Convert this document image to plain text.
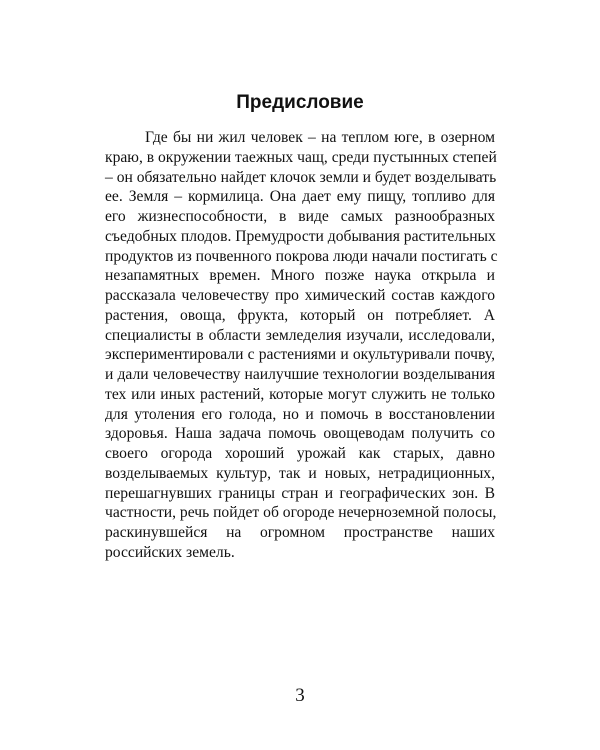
Предисловие
Где бы ни жил человек – на теплом юге, в озерном
краю, в окружении таежных чащ, среди пустынных степей
– он обязательно найдет клочок земли и будет возделывать
ее. Земля – кормилица. Она дает ему пищу, топливо для
его жизнеспособности, в виде самых разнообразных
съедобных плодов. Премудрости добывания растительных
продуктов из почвенного покрова люди начали постигать с
незапамятных времен. Много позже наука открыла и
рассказала человечеству про химический состав каждого
растения, овоща, фрукта, который он потребляет. А
специалисты в области земледелия изучали, исследовали,
экспериментировали с растениями и окультуривали почву,
и дали человечеству наилучшие технологии возделывания
тех или иных растений, которые могут служить не только
для утоления его голода, но и помочь в восстановлении
здоровья. Наша задача помочь овощеводам получить со
своего огорода хороший урожай как старых, давно
возделываемых культур, так и новых, нетрадиционных,
перешагнувших границы стран и географических зон. В
частности, речь пойдет об огороде нечерноземной полосы,
раскинувшейся на огромном пространстве наших
российских земель.
3
